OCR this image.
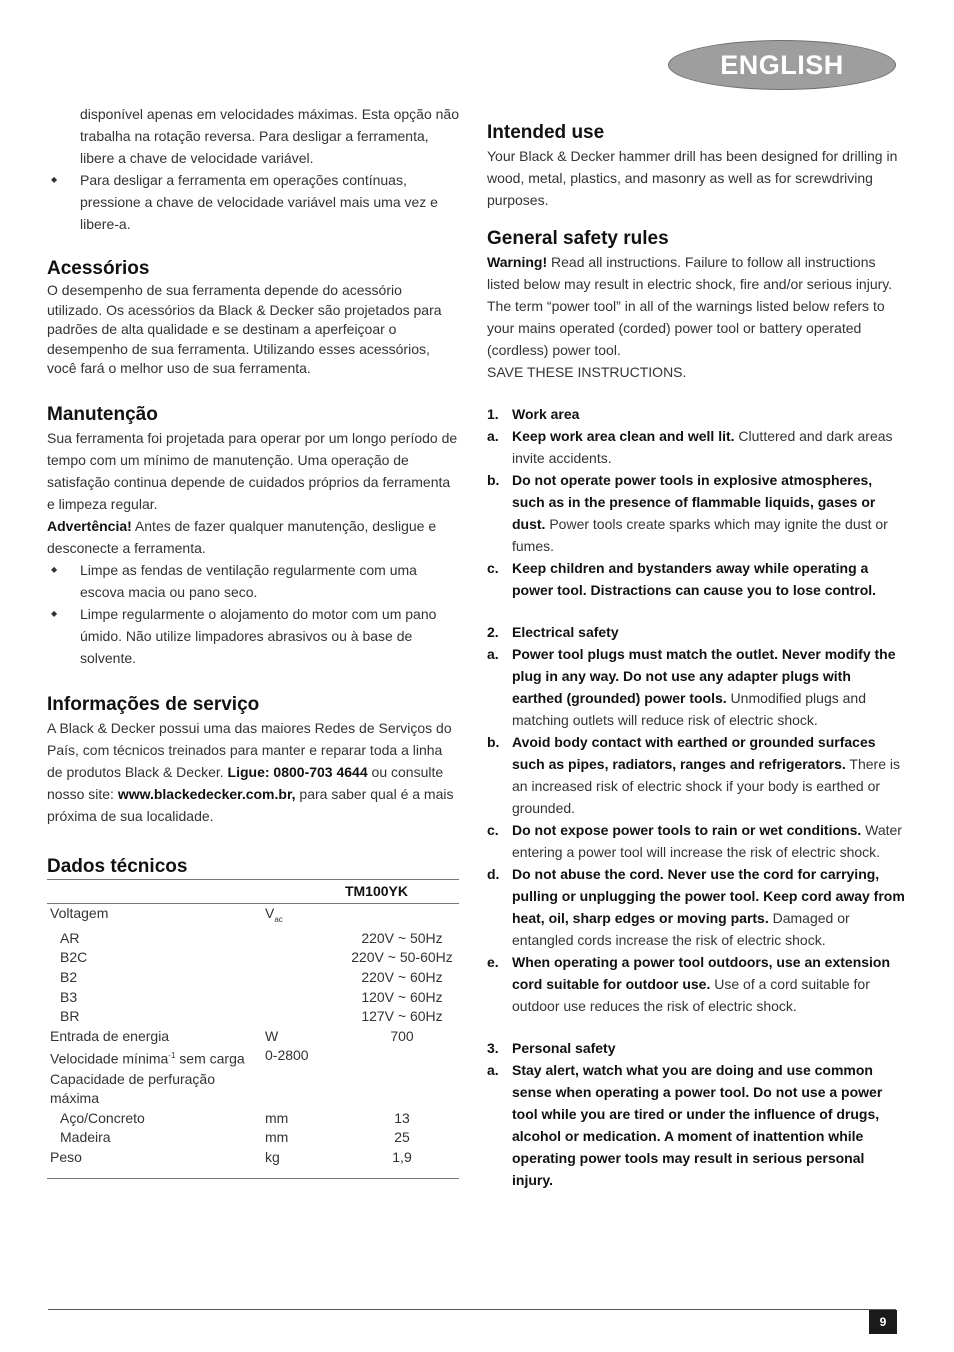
ENGLISH

disponível apenas em velocidades máximas. Esta opção não trabalha na rotação reversa. Para desligar a ferramenta, libere a chave de velocidade variável.

◆ Para desligar a ferramenta em operações contínuas, pressione a chave de velocidade variável mais uma vez e libere-a.

Acessórios

O desempenho de sua ferramenta depende do acessório utilizado. Os acessórios da Black & Decker são projetados para padrões de alta qualidade e se destinam a aperfeiçoar o desempenho de sua ferramenta. Utilizando esses acessórios, você fará o melhor uso de sua ferramenta.

Manutenção

Sua ferramenta foi projetada para operar por um longo período de tempo com um mínimo de manutenção. Uma operação de satisfação continua depende de cuidados próprios da ferramenta e limpeza regular.

Advertência! Antes de fazer qualquer manutenção, desligue e desconecte a ferramenta.

◆ Limpe as fendas de ventilação regularmente com uma escova macia ou pano seco.

◆ Limpe regularmente o alojamento do motor com um pano úmido. Não utilize limpadores abrasivos ou à base de solvente.

Informações de serviço

A Black & Decker possui uma das maiores Redes de Serviços do País, com técnicos treinados para manter e reparar toda a linha de produtos Black & Decker. Ligue: 0800-703 4644 ou consulte nosso site: www.blackedecker.com.br, para saber qual é a mais próxima de sua localidade.

Dados técnicos
TM100YK		
Voltagem	$V_{ac}$	
AR		220V ~ 50Hz
B2C		220V ~ 50-60Hz
B2		220V ~ 60Hz
B3		120V ~ 60Hz
BR		127V ~ 60Hz
Entrada de energia	W	700
Velocidade mínima$^{-1}$ sem carga	0-2800	
Capacidade de perfuração máxima		
Aço/Concreto	mm	13
Madeira	mm	25
Peso	kg	1,9
Intended use

Your Black & Decker hammer drill has been designed for drilling in wood, metal, plastics, and masonry as well as for screwdriving purposes.

General safety rules

Warning! Read all instructions. Failure to follow all instructions listed below may result in electric shock, fire and/or serious injury. The term “power tool” in all of the warnings listed below refers to your mains operated (corded) power tool or battery operated (cordless) power tool.

SAVE THESE INSTRUCTIONS.

1. Work area

a. Keep work area clean and well lit. Cluttered and dark areas invite accidents.

b. Do not operate power tools in explosive atmospheres, such as in the presence of flammable liquids, gases or dust. Power tools create sparks which may ignite the dust or fumes.

c. Keep children and bystanders away while operating a power tool. Distractions can cause you to lose control.

2. Electrical safety

a. Power tool plugs must match the outlet. Never modify the plug in any way. Do not use any adapter plugs with earthed (grounded) power tools. Unmodified plugs and matching outlets will reduce risk of electric shock.

b. Avoid body contact with earthed or grounded surfaces such as pipes, radiators, ranges and refrigerators. There is an increased risk of electric shock if your body is earthed or grounded.

c. Do not expose power tools to rain or wet conditions. Water entering a power tool will increase the risk of electric shock.

d. Do not abuse the cord. Never use the cord for carrying, pulling or unplugging the power tool. Keep cord away from heat, oil, sharp edges or moving parts. Damaged or entangled cords increase the risk of electric shock.

e. When operating a power tool outdoors, use an extension cord suitable for outdoor use. Use of a cord suitable for outdoor use reduces the risk of electric shock.

3. Personal safety

a. Stay alert, watch what you are doing and use common sense when operating a power tool. Do not use a power tool while you are tired or under the influence of drugs, alcohol or medication. A moment of inattention while operating power tools may result in serious personal injury.

9
